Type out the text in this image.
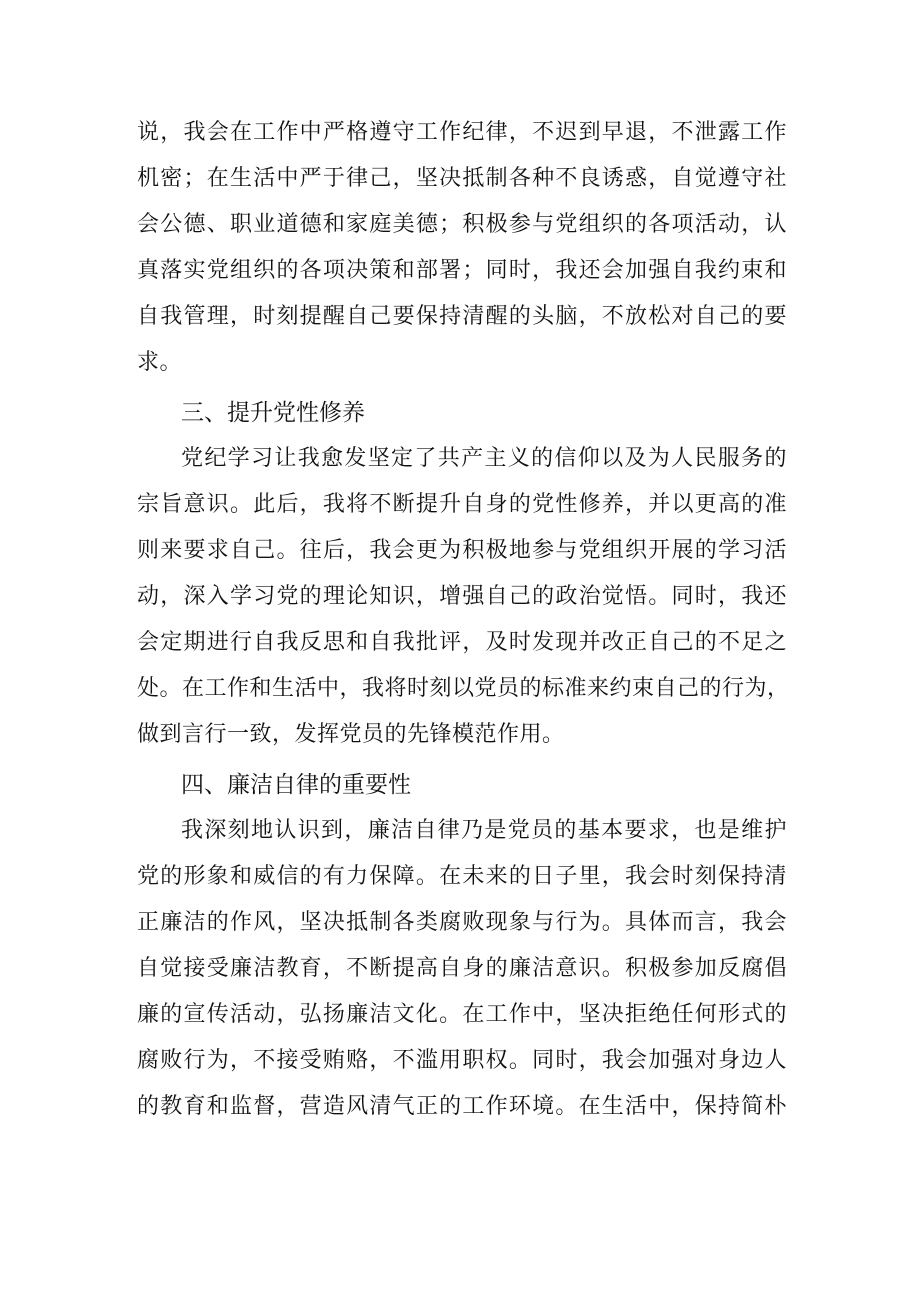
说，我会在工作中严格遵守工作纪律，不迟到早退，不泄露工作
机密；在生活中严于律己，坚决抵制各种不良诱惑，自觉遵守社
会公德、职业道德和家庭美德；积极参与党组织的各项活动，认
真落实党组织的各项决策和部署；同时，我还会加强自我约束和
自我管理，时刻提醒自己要保持清醒的头脑，不放松对自己的要
求。
三、提升党性修养
党纪学习让我愈发坚定了共产主义的信仰以及为人民服务的
宗旨意识。此后，我将不断提升自身的党性修养，并以更高的准
则来要求自己。往后，我会更为积极地参与党组织开展的学习活
动，深入学习党的理论知识，增强自己的政治觉悟。同时，我还
会定期进行自我反思和自我批评，及时发现并改正自己的不足之
处。在工作和生活中，我将时刻以党员的标准来约束自己的行为，
做到言行一致，发挥党员的先锋模范作用。
四、廉洁自律的重要性
我深刻地认识到，廉洁自律乃是党员的基本要求，也是维护
党的形象和威信的有力保障。在未来的日子里，我会时刻保持清
正廉洁的作风，坚决抵制各类腐败现象与行为。具体而言，我会
自觉接受廉洁教育，不断提高自身的廉洁意识。积极参加反腐倡
廉的宣传活动，弘扬廉洁文化。在工作中，坚决拒绝任何形式的
腐败行为，不接受贿赂，不滥用职权。同时，我会加强对身边人
的教育和监督，营造风清气正的工作环境。在生活中，保持简朴
